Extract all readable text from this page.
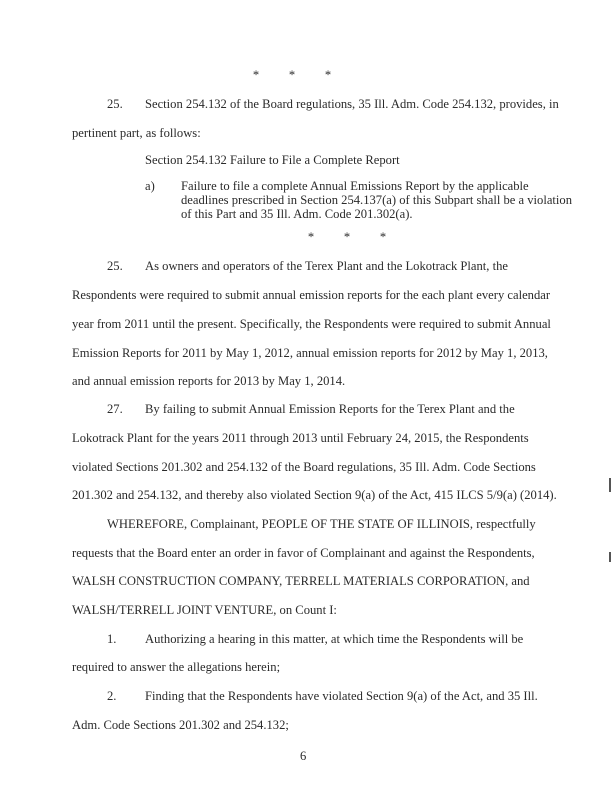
* * *
25. Section 254.132 of the Board regulations, 35 Ill. Adm. Code 254.132, provides, in
pertinent part, as follows:
Section 254.132 Failure to File a Complete Report
a) Failure to file a complete Annual Emissions Report by the applicable
deadlines prescribed in Section 254.137(a) of this Subpart shall be a violation
of this Part and 35 Ill. Adm. Code 201.302(a).
* * *
25. As owners and operators of the Terex Plant and the Lokotrack Plant, the
Respondents were required to submit annual emission reports for the each plant every calendar
year from 2011 until the present. Specifically, the Respondents were required to submit Annual
Emission Reports for 2011 by May 1, 2012, annual emission reports for 2012 by May 1, 2013,
and annual emission reports for 2013 by May 1, 2014.
27. By failing to submit Annual Emission Reports for the Terex Plant and the
Lokotrack Plant for the years 2011 through 2013 until February 24, 2015, the Respondents
violated Sections 201.302 and 254.132 of the Board regulations, 35 Ill. Adm. Code Sections
201.302 and 254.132, and thereby also violated Section 9(a) of the Act, 415 ILCS 5/9(a) (2014).
WHEREFORE, Complainant, PEOPLE OF THE STATE OF ILLINOIS, respectfully
requests that the Board enter an order in favor of Complainant and against the Respondents,
WALSH CONSTRUCTION COMPANY, TERRELL MATERIALS CORPORATION, and
WALSH/TERRELL JOINT VENTURE, on Count I:
1. Authorizing a hearing in this matter, at which time the Respondents will be
required to answer the allegations herein;
2. Finding that the Respondents have violated Section 9(a) of the Act, and 35 Ill.
Adm. Code Sections 201.302 and 254.132;
6
